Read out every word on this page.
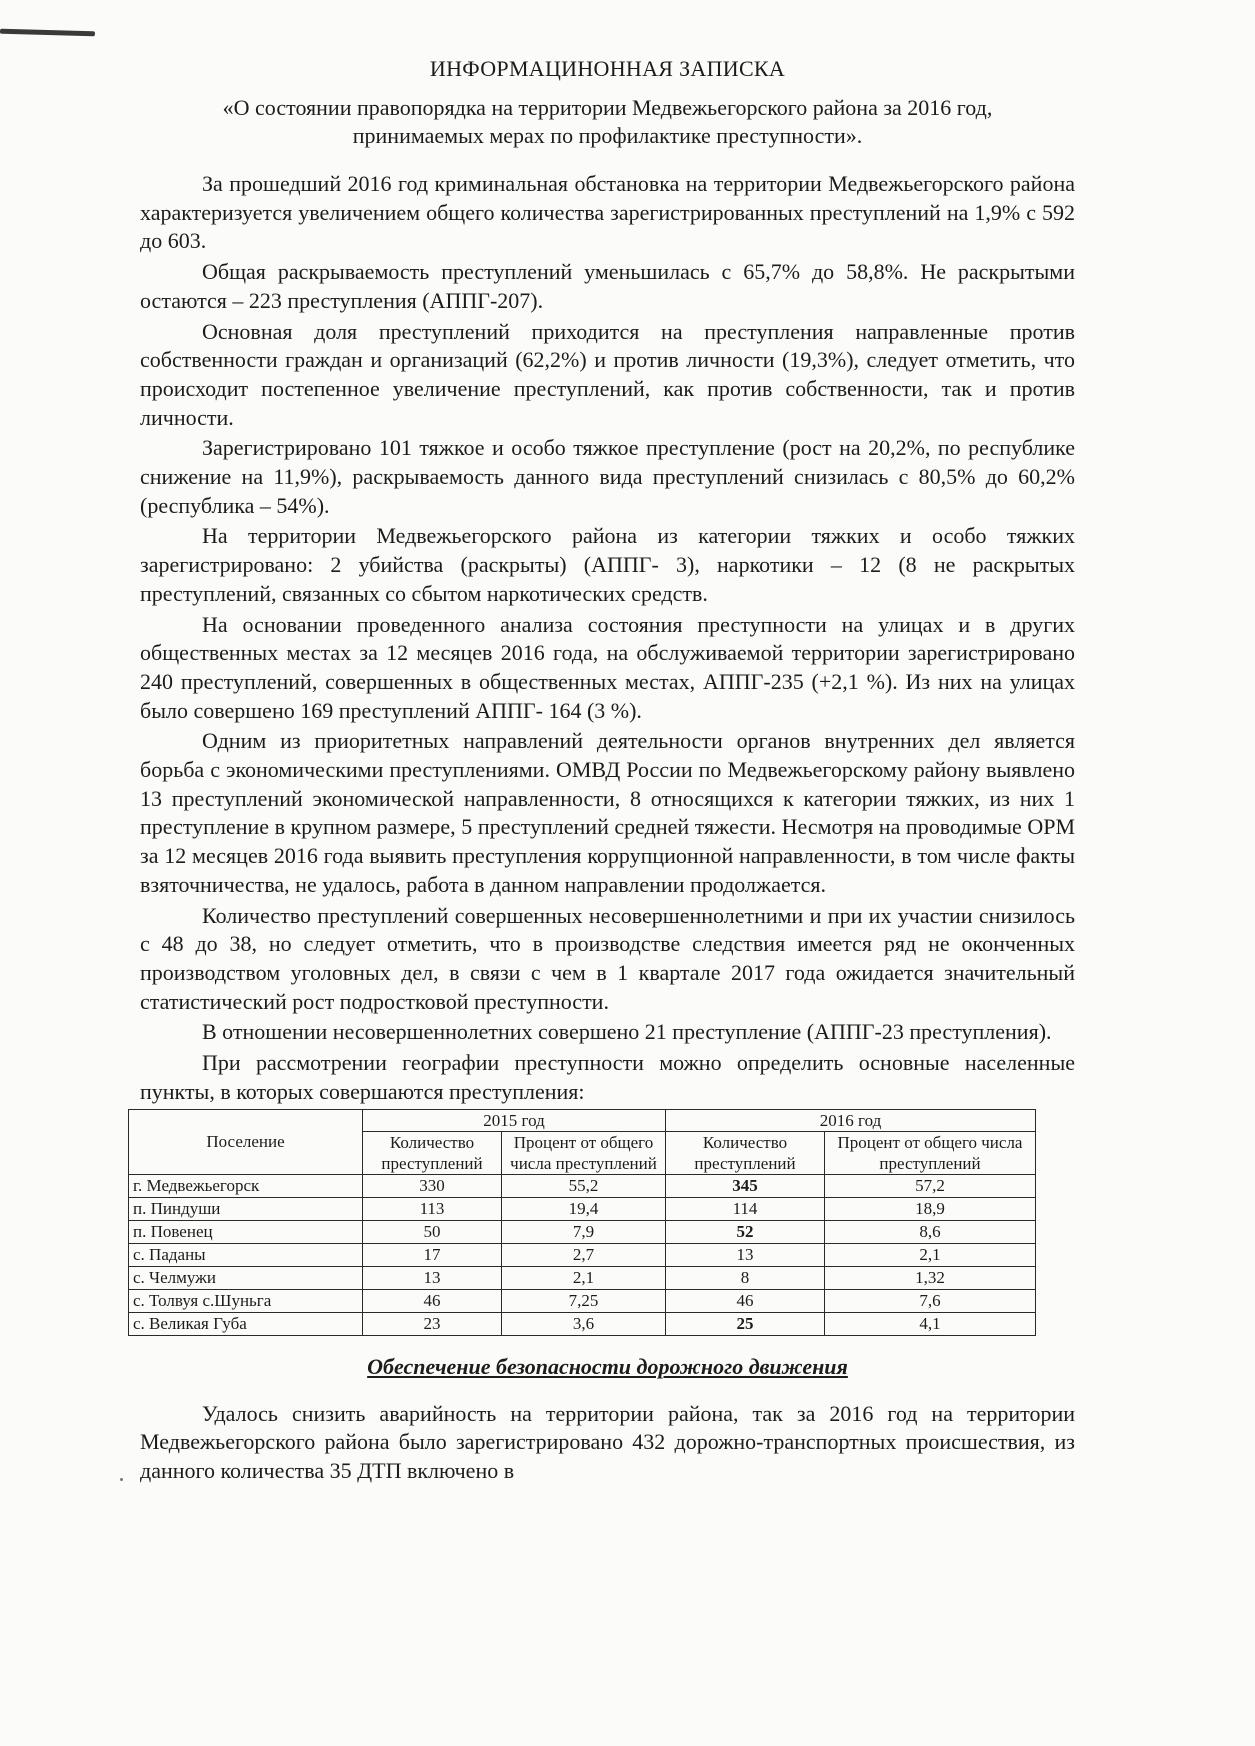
ИНФОРМАЦИНОННАЯ ЗАПИСКА
«О состоянии правопорядка на территории Медвежьегорского района за 2016 год,
принимаемых мерах по профилактике преступности».

За прошедший 2016 год криминальная обстановка на территории Медвежьегорского района характеризуется увеличением общего количества зарегистрированных преступлений на 1,9% с 592 до 603.

Общая раскрываемость преступлений уменьшилась с 65,7% до 58,8%. Не раскрытыми остаются – 223 преступления (АППГ-207).

Основная доля преступлений приходится на преступления направленные против собственности граждан и организаций (62,2%) и против личности (19,3%), следует отметить, что происходит постепенное увеличение преступлений, как против собственности, так и против личности.

Зарегистрировано 101 тяжкое и особо тяжкое преступление (рост на 20,2%, по республике снижение на 11,9%), раскрываемость данного вида преступлений снизилась с 80,5% до 60,2% (республика – 54%).

На территории Медвежьегорского района из категории тяжких и особо тяжких зарегистрировано: 2 убийства (раскрыты) (АППГ- 3), наркотики – 12 (8 не раскрытых преступлений, связанных со сбытом наркотических средств.

На основании проведенного анализа состояния преступности на улицах и в других общественных местах за 12 месяцев 2016 года, на обслуживаемой территории зарегистрировано 240 преступлений, совершенных в общественных местах, АППГ-235 (+2,1 %). Из них на улицах было совершено 169 преступлений АППГ- 164 (3 %).

Одним из приоритетных направлений деятельности органов внутренних дел является борьба с экономическими преступлениями. ОМВД России по Медвежьегорскому району выявлено 13 преступлений экономической направленности, 8 относящихся к категории тяжких, из них 1 преступление в крупном размере, 5 преступлений средней тяжести. Несмотря на проводимые ОРМ за 12 месяцев 2016 года выявить преступления коррупционной направленности, в том числе факты взяточничества, не удалось, работа в данном направлении продолжается.

Количество преступлений совершенных несовершеннолетними и при их участии снизилось с 48 до 38, но следует отметить, что в производстве следствия имеется ряд не оконченных производством уголовных дел, в связи с чем в 1 квартале 2017 года ожидается значительный статистический рост подростковой преступности.

В отношении несовершеннолетних совершено 21 преступление (АППГ-23 преступления).

При рассмотрении географии преступности можно определить основные населенные пункты, в которых совершаются преступления:

Поселение	2015 год		2016 год	
	Количество преступлений	Процент от общего числа преступлений	Количество преступлений	Процент от общего числа преступлений
г. Медвежьегорск	330	55,2	345	57,2
п. Пиндуши	113	19,4	114	18,9
п. Повенец	50	7,9	52	8,6
с. Паданы	17	2,7	13	2,1
с. Челмужи	13	2,1	8	1,32
с. Толвуя с.Шуньга	46	7,25	46	7,6
с. Великая Губа	23	3,6	25	4,1
Обеспечение безопасности дорожного движения

Удалось снизить аварийность на территории района, так за 2016 год на территории Медвежьегорского района было зарегистрировано 432 дорожно-транспортных происшествия, из данного количества 35 ДТП включено в
